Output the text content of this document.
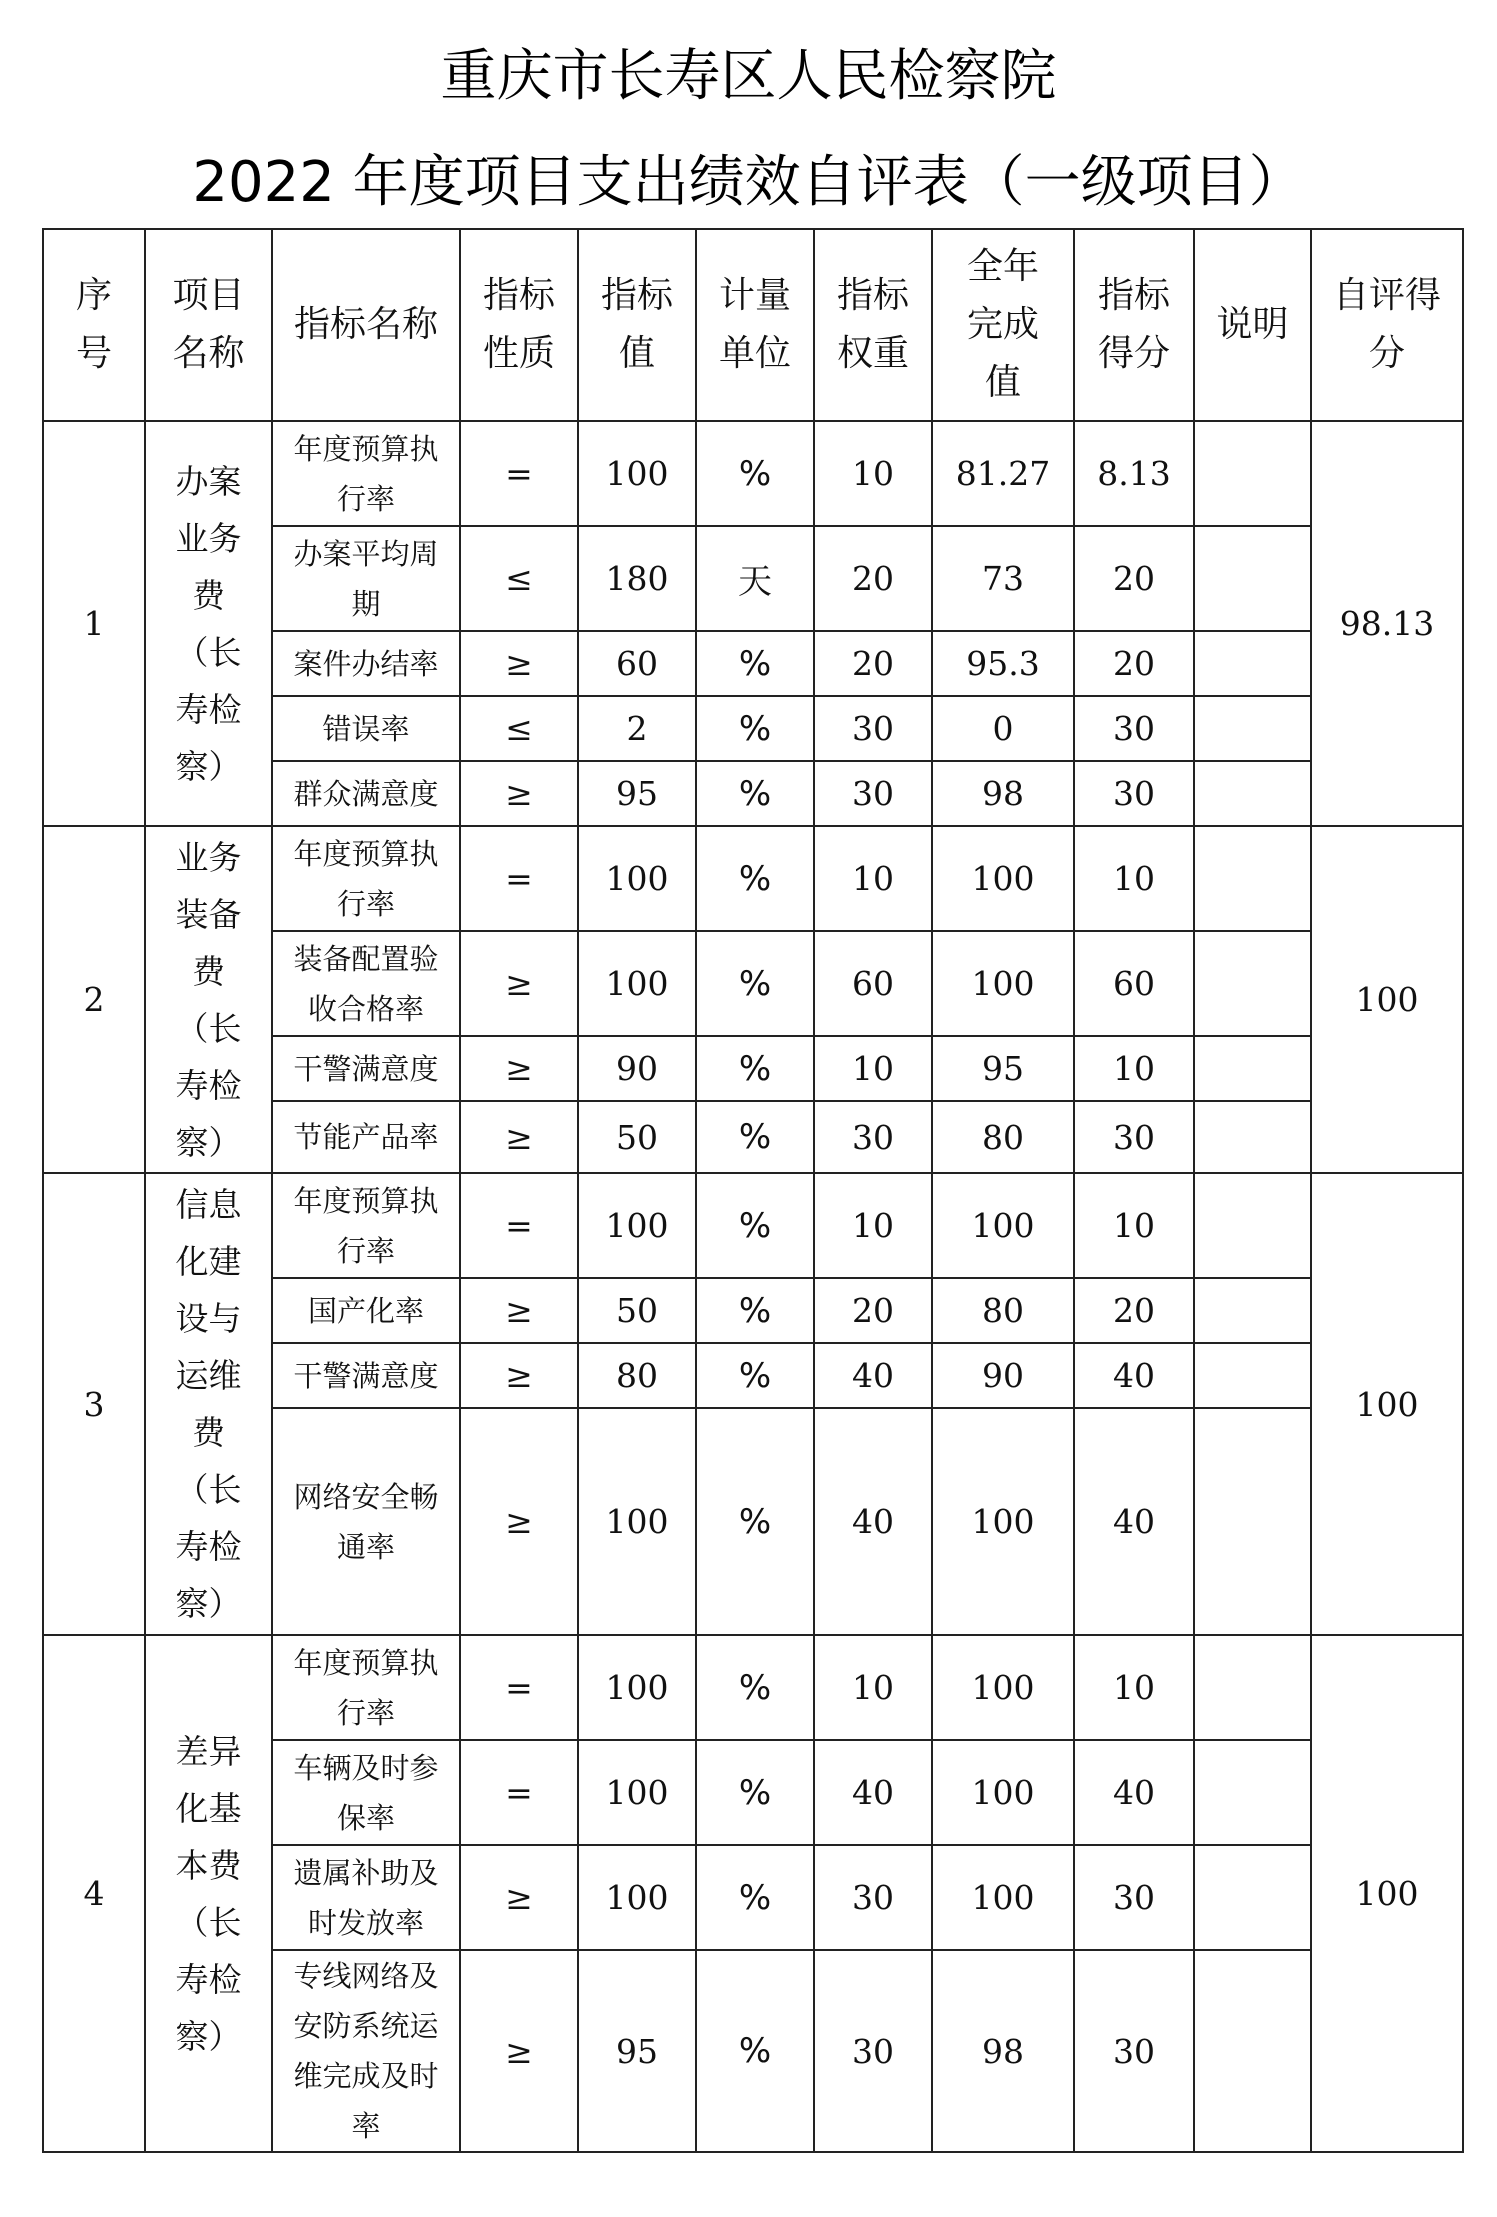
重庆市长寿区人民检察院
2022 年度项目支出绩效自评表（一级项目）
序号	项目名称	指标名称	指标性质	指标值	计量单位	指标权重	全年完成值	指标得分	说明	自评得分
1	办案业务费（长寿检察）	年度预算执行率	=	100	%	10	81.27	8.13		98.13
		办案平均周期	≤	180	天	20	73	20		
		案件办结率	≥	60	%	20	95.3	20		
		错误率	≤	2	%	30	0	30		
		群众满意度	≥	95	%	30	98	30		
2	业务装备费（长寿检察）	年度预算执行率	=	100	%	10	100	10		100
		装备配置验收合格率	≥	100	%	60	100	60		
		干警满意度	≥	90	%	10	95	10		
		节能产品率	≥	50	%	30	80	30		
3	信息化建设与运维费（长寿检察）	年度预算执行率	=	100	%	10	100	10		100
		国产化率	≥	50	%	20	80	20		
		干警满意度	≥	80	%	40	90	40		
		网络安全畅通率	≥	100	%	40	100	40		
4	差异化基本费（长寿检察）	年度预算执行率	=	100	%	10	100	10		100
		车辆及时参保率	=	100	%	40	100	40		
		遗属补助及时发放率	≥	100	%	30	100	30		
		专线网络及安防系统运维完成及时率	≥	95	%	30	98	30		
